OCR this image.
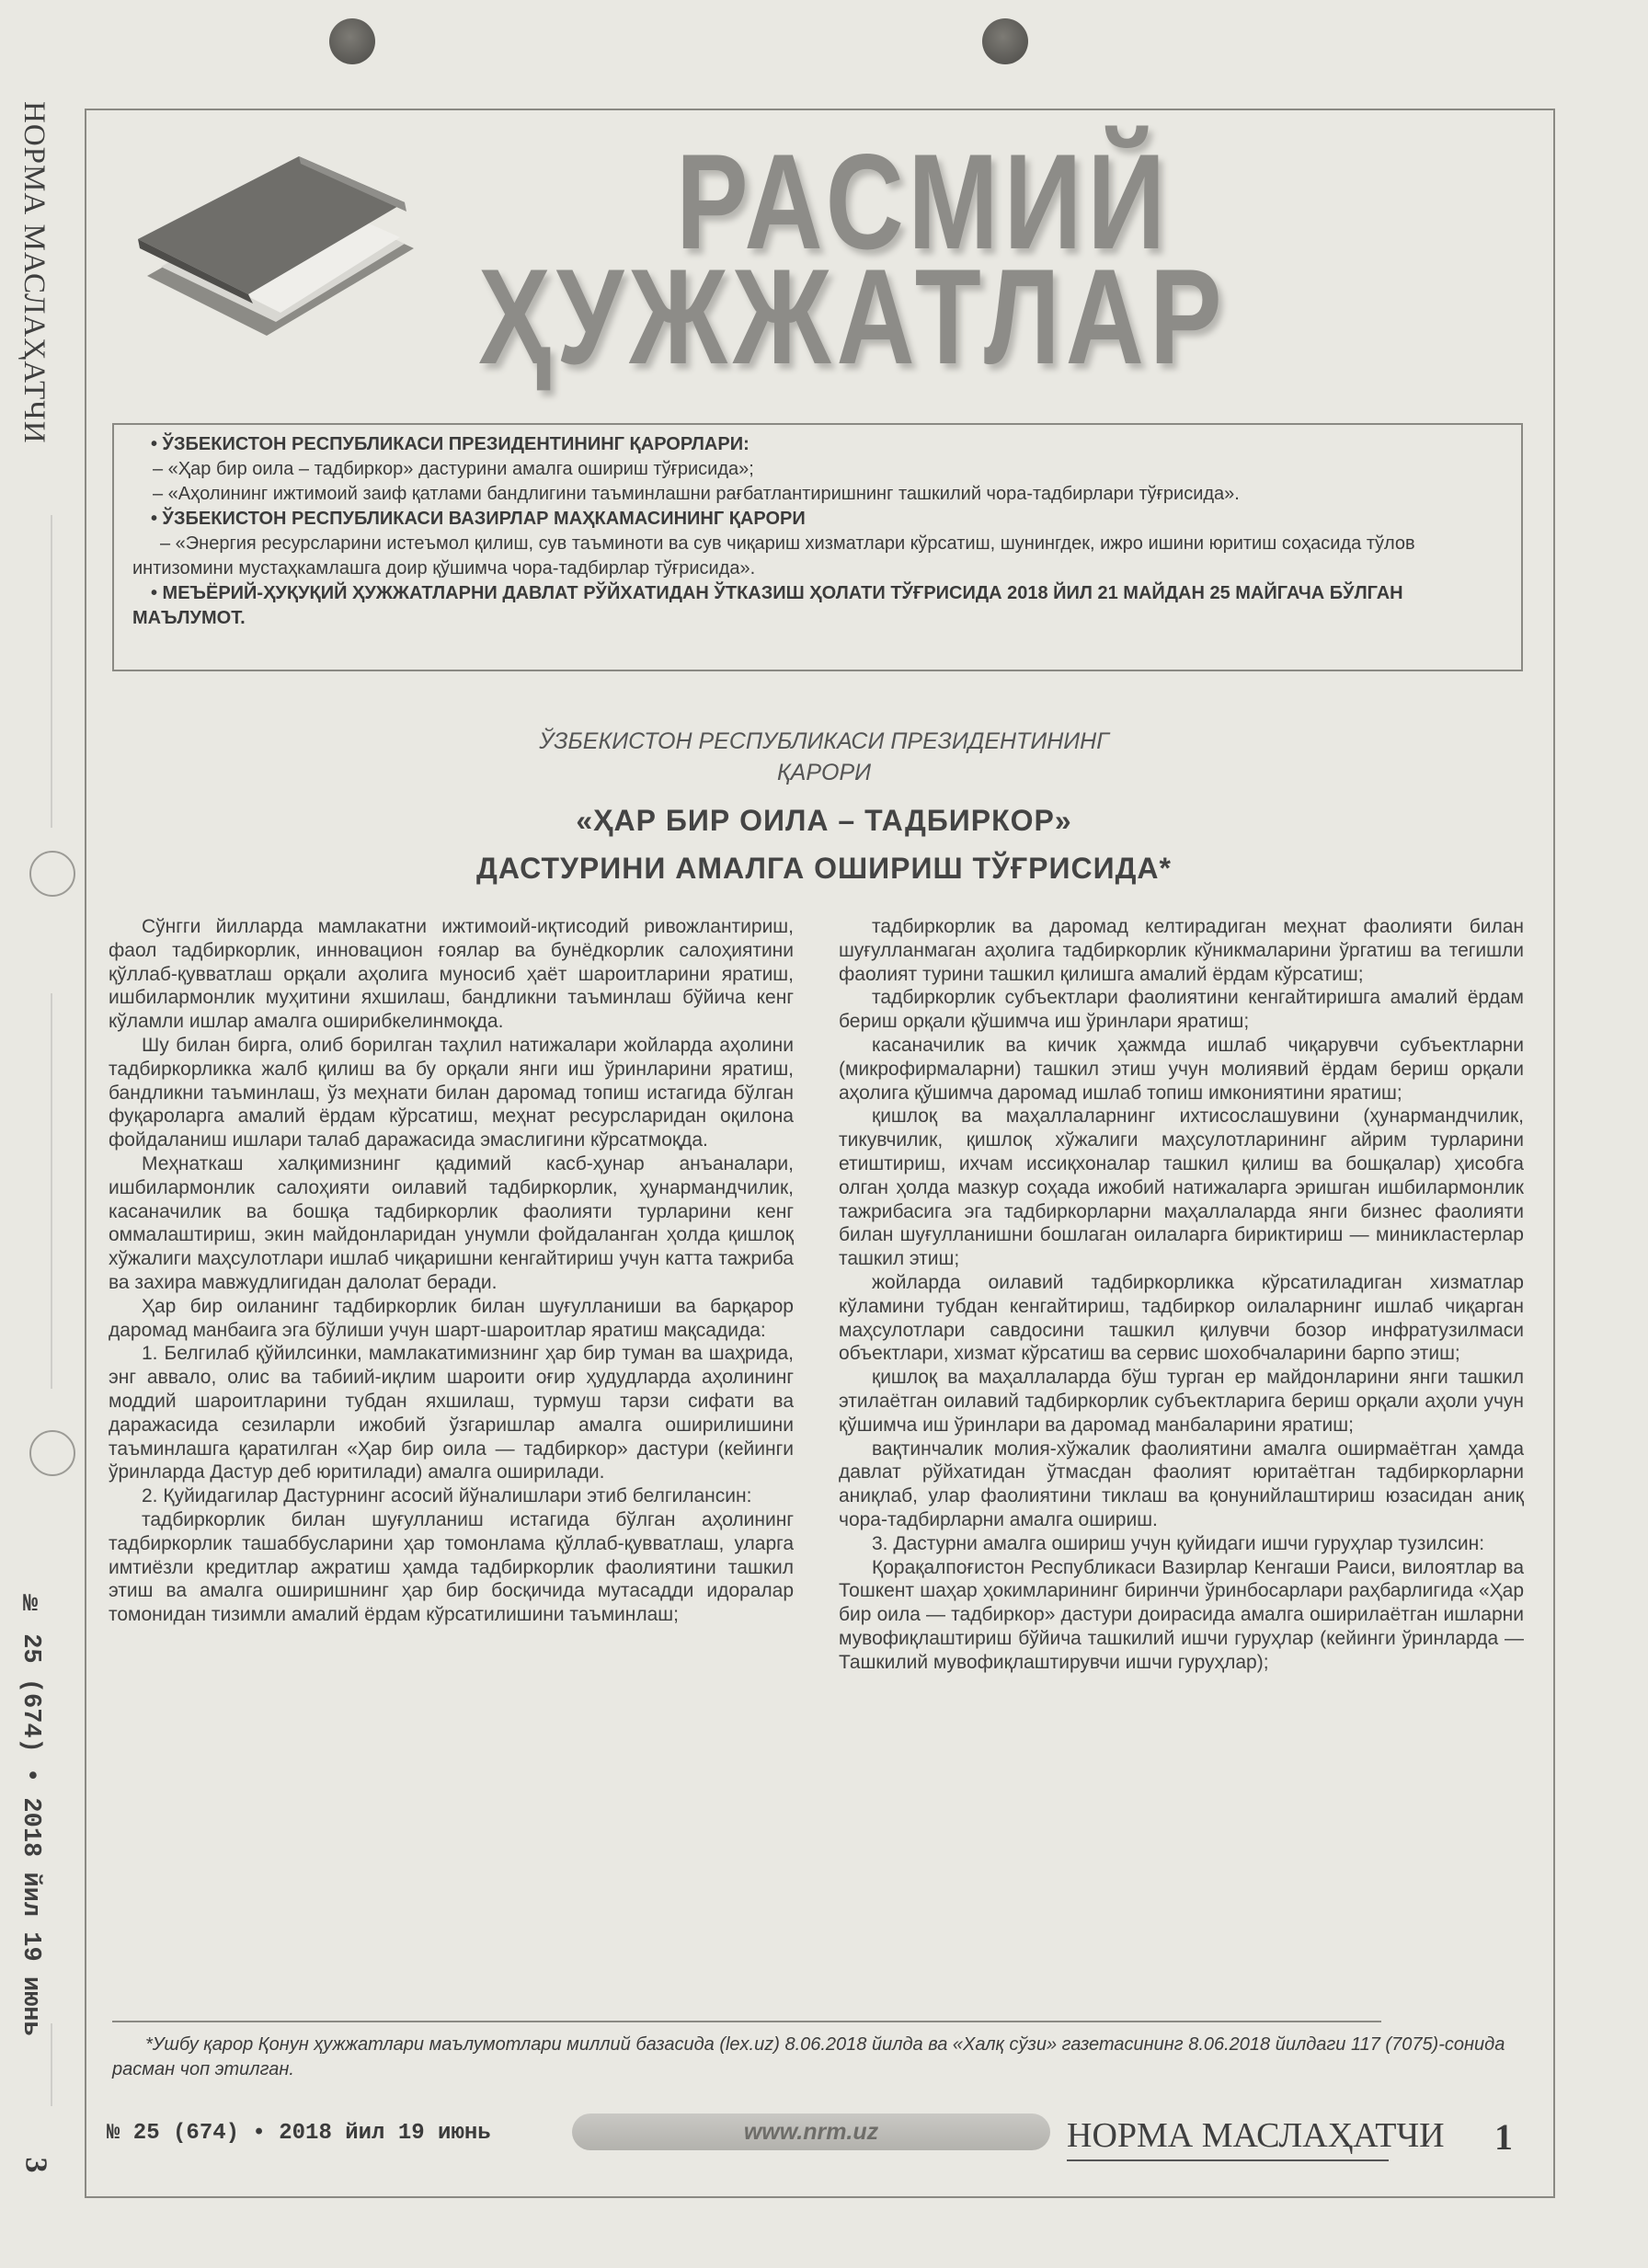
НОРМА МАСЛАҲАТЧИ
№ 25 (674) • 2018 йил 19 июнь
3
РАСМИЙ
ҲУЖЖАТЛАР

• ЎЗБЕКИСТОН РЕСПУБЛИКАСИ ПРЕЗИДЕНТИНИНГ ҚАРОРЛАРИ:

– «Ҳар бир оила – тадбиркор» дастурини амалга ошириш тўғрисида»;

– «Аҳолининг ижтимоий заиф қатлами бандлигини таъминлашни рағбатлантиришнинг ташкилий чора-тадбирлари тўғрисида».

• ЎЗБЕКИСТОН РЕСПУБЛИКАСИ ВАЗИРЛАР МАҲКАМАСИНИНГ ҚАРОРИ

– «Энергия ресурсларини истеъмол қилиш, сув таъминоти ва сув чиқариш хизматлари кўрсатиш, шунингдек, ижро ишини юритиш соҳасида тўлов интизомини мустаҳкамлашга доир қўшимча чора-тадбирлар тўғрисида».

• МЕЪЁРИЙ-ҲУҚУҚИЙ ҲУЖЖАТЛАРНИ ДАВЛАТ РЎЙХАТИДАН ЎТКАЗИШ ҲОЛАТИ ТЎҒРИСИДА 2018 ЙИЛ 21 МАЙДАН 25 МАЙГАЧА БЎЛГАН МАЪЛУМОТ.

ЎЗБЕКИСТОН РЕСПУБЛИКАСИ ПРЕЗИДЕНТИНИНГ
ҚАРОРИ
«ҲАР БИР ОИЛА – ТАДБИРКОР»
ДАСТУРИНИ АМАЛГА ОШИРИШ ТЎҒРИСИДА*

Сўнгги йилларда мамлакатни ижтимоий-иқтисодий ривожлантириш, фаол тадбиркорлик, инновацион ғоялар ва бунёдкорлик салоҳиятини қўллаб-қувватлаш орқали аҳолига муносиб ҳаёт шароитларини яратиш, ишбилармонлик муҳитини яхшилаш, бандликни таъминлаш бўйича кенг кўламли ишлар амалга оширибкелинмоқда.

Шу билан бирга, олиб борилган таҳлил натижалари жойларда аҳолини тадбиркорликка жалб қилиш ва бу орқали янги иш ўринларини яратиш, бандликни таъминлаш, ўз меҳнати билан даромад топиш истагида бўлган фуқароларга амалий ёрдам кўрсатиш, меҳнат ресурсларидан оқилона фойдаланиш ишлари талаб даражасида эмаслигини кўрсатмоқда.

Меҳнаткаш халқимизнинг қадимий касб-ҳунар анъаналари, ишбилармонлик салоҳияти оилавий тадбиркорлик, ҳунармандчилик, касаначилик ва бошқа тадбиркорлик фаолияти турларини кенг оммалаштириш, экин майдонларидан унумли фойдаланган ҳолда қишлоқ хўжалиги маҳсулотлари ишлаб чиқаришни кенгайтириш учун катта тажриба ва захира мавжудлигидан далолат беради.

Ҳар бир оиланинг тадбиркорлик билан шуғулланиши ва барқарор даромад манбаига эга бўлиши учун шарт-шароитлар яратиш мақсадида:

1. Белгилаб қўйилсинки, мамлакатимизнинг ҳар бир туман ва шаҳрида, энг аввало, олис ва табиий-иқлим шароити оғир ҳудудларда аҳолининг моддий шароитларини тубдан яхшилаш, турмуш тарзи сифати ва даражасида сезиларли ижобий ўзгаришлар амалга оширилишини таъминлашга қаратилган «Ҳар бир оила — тадбиркор» дастури (кейинги ўринларда Дастур деб юритилади) амалга оширилади.

2. Қуйидагилар Дастурнинг асосий йўналишлари этиб белгилансин:

тадбиркорлик билан шуғулланиш истагида бўлган аҳолининг тадбиркорлик ташаббусларини ҳар томонлама қўллаб-қувватлаш, уларга имтиёзли кредитлар ажратиш ҳамда тадбиркорлик фаолиятини ташкил этиш ва амалга оширишнинг ҳар бир босқичида мутасадди идоралар томонидан тизимли амалий ёрдам кўрсатилишини таъминлаш;

тадбиркорлик ва даромад келтирадиган меҳнат фаолияти билан шуғулланмаган аҳолига тадбиркорлик кўникмаларини ўргатиш ва тегишли фаолият турини ташкил қилишга амалий ёрдам кўрсатиш;

тадбиркорлик субъектлари фаолиятини кенгайтиришга амалий ёрдам бериш орқали қўшимча иш ўринлари яратиш;

касаначилик ва кичик ҳажмда ишлаб чиқарувчи субъектларни (микрофирмаларни) ташкил этиш учун молиявий ёрдам бериш орқали аҳолига қўшимча даромад ишлаб топиш имкониятини яратиш;

қишлоқ ва маҳаллаларнинг ихтисослашувини (ҳунармандчилик, тикувчилик, қишлоқ хўжалиги маҳсулотларининг айрим турларини етиштириш, ихчам иссиқхоналар ташкил қилиш ва бошқалар) ҳисобга олган ҳолда мазкур соҳада ижобий натижаларга эришган ишбилармонлик тажрибасига эга тадбиркорларни маҳаллаларда янги бизнес фаолияти билан шуғулланишни бошлаган оилаларга бириктириш — миникластерлар ташкил этиш;

жойларда оилавий тадбиркорликка кўрсатиладиган хизматлар кўламини тубдан кенгайтириш, тадбиркор оилаларнинг ишлаб чиқарган маҳсулотлари савдосини ташкил қилувчи бозор инфратузилмаси объектлари, хизмат кўрсатиш ва сервис шохобчаларини барпо этиш;

қишлоқ ва маҳаллаларда бўш турган ер майдонларини янги ташкил этилаётган оилавий тадбиркорлик субъектларига бериш орқали аҳоли учун қўшимча иш ўринлари ва даромад манбаларини яратиш;

вақтинчалик молия-хўжалик фаолиятини амалга оширмаётган ҳамда давлат рўйхатидан ўтмасдан фаолият юритаётган тадбиркорларни аниқлаб, улар фаолиятини тиклаш ва қонунийлаштириш юзасидан аниқ чора-тадбирларни амалга ошириш.

3. Дастурни амалга ошириш учун қуйидаги ишчи гуруҳлар тузилсин:

Қорақалпоғистон Республикаси Вазирлар Кенгаши Раиси, вилоятлар ва Тошкент шаҳар ҳокимларининг биринчи ўринбосарлари раҳбарлигида «Ҳар бир оила — тадбиркор» дастури доирасида амалга оширилаётган ишларни мувофиқлаштириш бўйича ташкилий ишчи гуруҳлар (кейинги ўринларда — Ташкилий мувофиқлаштирувчи ишчи гуруҳлар);

*Ушбу қарор Қонун ҳужжатлари маълумотлари миллий базасида (lex.uz) 8.06.2018 йилда ва «Халқ сўзи» газетасининг 8.06.2018 йилдаги 117 (7075)-сонида расман чоп этилган.
№ 25 (674) • 2018 йил 19 июнь	www.nrm.uz	НОРМА МАСЛАҲАТЧИ 1
